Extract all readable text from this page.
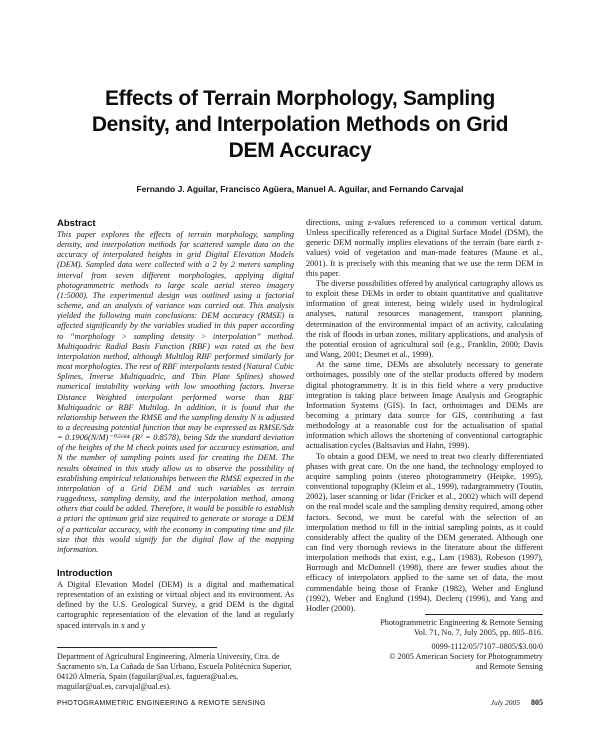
Effects of Terrain Morphology, Sampling
Density, and Interpolation Methods on Grid
DEM Accuracy
Fernando J. Aguilar, Francisco Agüera, Manuel A. Aguilar, and Fernando Carvajal
Abstract

This paper explores the effects of terrain morphology, sampling density, and interpolation methods for scattered sample data on the accuracy of interpolated heights in grid Digital Elevation Models (DEM). Sampled data were collected with a 2 by 2 meters sampling interval from seven different morphologies, applying digital photogrammetric methods to large scale aerial stereo imagery (1:5000). The experimental design was outlined using a factorial scheme, and an analysis of variance was carried out. This analysis yielded the following main conclusions: DEM accuracy (RMSE) is affected significantly by the variables studied in this paper according to “morphology > sampling density > interpolation” method. Multiquadric Radial Basis Function (RBF) was rated as the best interpolation method, although Multilog RBF performed similarly for most morphologies. The rest of RBF interpolants tested (Natural Cubic Splines, Inverse Multiquadric, and Thin Plate Splines) showed numerical instability working with low smoothing factors. Inverse Distance Weighted interpolant performed worse than RBF Multiquadric or RBF Multilog. In addition, it is found that the relationship between the RMSE and the sampling density N is adjusted to a decreasing potential function that may be expressed as RMSE/Sdz = 0.1906(N/M)⁻⁰·⁵⁶⁸⁴ (R² = 0.8578), being Sdz the standard deviation of the heights of the M check points used for accuracy estimation, and N the number of sampling points used for creating the DEM. The results obtained in this study allow us to observe the possibility of establishing empirical relationships between the RMSE expected in the interpolation of a Grid DEM and such variables as terrain ruggedness, sampling density, and the interpolation method, among others that could be added. Therefore, it would be possible to establish a priori the optimum grid size required to generate or storage a DEM of a particular accuracy, with the economy in computing time and file size that this would signify for the digital flow of the mapping information.

Introduction

A Digital Elevation Model (DEM) is a digital and mathematical representation of an existing or virtual object and its environment. As defined by the U.S. Geological Survey, a grid DEM is the digital cartographic representation of the elevation of the land at regularly spaced intervals in x and y

Department of Agricultural Engineering, Almería University, Ctra. de Sacramento s/n, La Cañada de San Urbano, Escuela Politécnica Superior, 04120 Almería, Spain (faguilar@ual.es, faguera@ual.es, maguilar@ual.es, carvajal@ual.es).

directions, using z-values referenced to a common vertical datum. Unless specifically referenced as a Digital Surface Model (DSM), the generic DEM normally implies elevations of the terrain (bare earth z-values) void of vegetation and man-made features (Maune et al., 2001). It is precisely with this meaning that we use the term DEM in this paper.

The diverse possibilities offered by analytical cartography allows us to exploit these DEMs in order to obtain quantitative and qualitative information of great interest, being widely used in hydrological analyses, natural resources management, transport planning, determination of the environmental impact of an activity, calculating the risk of floods in urban zones, military applications, and analysis of the potential erosion of agricultural soil (e.g., Franklin, 2000; Davis and Wang, 2001; Desmet et al., 1999).

At the same time, DEMs are absolutely necessary to generate orthoimages, possibly one of the stellar products offered by modern digital photogrammetry. It is in this field where a very productive integration is taking place between Image Analysis and Geographic Information Systems (GIS). In fact, orthoimages and DEMs are becoming a primary data source for GIS, contributing a fast methodology at a reasonable cost for the actualisation of spatial information which allows the shortening of conventional cartographic actualisation cycles (Baltsavias and Hahn, 1999).

To obtain a good DEM, we need to treat two clearly differentiated phases with great care. On the one hand, the technology employed to acquire sampling points (stereo photogrammetry (Heipke, 1995), conventional topography (Kleim et al., 1999), radargrammetry (Toutin, 2002), laser scanning or lidar (Fricker et al., 2002) which will depend on the real model scale and the sampling density required, among other factors. Second, we must be careful with the selection of an interpolation method to fill in the initial sampling points, as it could considerably affect the quality of the DEM generated. Although one can find very thorough reviews in the literature about the different interpolation methods that exist, e.g., Lam (1983), Robeson (1997), Burrough and McDonnell (1998), there are fewer studies about the efficacy of interpolators applied to the same set of data, the most commendable being those of Franke (1982), Weber and Englund (1992), Weber and Englund (1994), Declerq (1996), and Yang and Hodler (2000).

Photogrammetric Engineering & Remote Sensing
Vol. 71, No. 7, July 2005, pp. 805–816.
0099-1112/05/7107–0805/$3.00/0
© 2005 American Society for Photogrammetry
and Remote Sensing
PHOTOGRAMMETRIC ENGINEERING & REMOTE SENSING	July 2005 805
